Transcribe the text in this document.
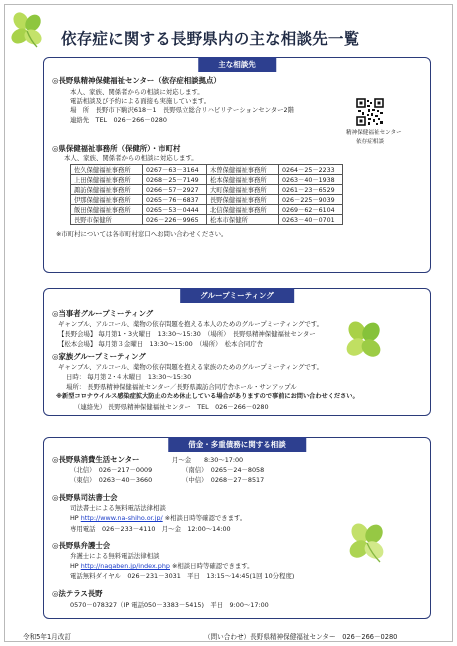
依存症に関する長野県内の主な相談先一覧
主な相談先
◎長野県精神保健福祉センター（依存症相談拠点）
本人、家族、関係者からの相談に対応します。
電話相談及び予約による面接も実施しています。
場　所　長野市下駒沢618－1　長野県立総合リハビリテーションセンター2階
連絡先　TEL　026－266－0280
精神保健福祉センター
依存症相談
◎県保健福祉事務所（保健所）・市町村
本人、家族、関係者からの相談に対応します。
佐久保健福祉事務所	0267－63－3164	木曽保健福祉事務所	0264－25－2233
上田保健福祉事務所	0268－25－7149	松本保健福祉事務所	0263－40－1938
諏訪保健福祉事務所	0266－57－2927	大町保健福祉事務所	0261－23－6529
伊那保健福祉事務所	0265－76－6837	長野保健福祉事務所	026－225－9039
飯田保健福祉事務所	0265－53－0444	北信保健福祉事務所	0269－62－6104
長野市保健所	026－226－9965	松本市保健所	0263－40－0701
※市町村については各市町村窓口へお問い合わせください。
グループミーティング
◎当事者グループミーティング
ギャンブル、アルコール、薬物の依存問題を抱える本人のためのグループミーティングです。
【長野会場】 毎月第1・3火曜日　13:30～15:30　（場所）　長野県精神保健福祉センター
【松本会場】 毎月第３金曜日　13:30～15:00　（場所）　松本合同庁舎
◎家族グループミーティング
ギャンブル、アルコール、薬物の依存問題を抱える家族のためのグループミーティングです。
日時： 毎月第２･４木曜日　13:30～15:30
場所： 長野県精神保健福祉センター／長野県諏訪合同庁舎ホール・サンアップル
※新型コロナウイルス感染症拡大防止のため休止している場合がありますので事前にお問い合わせください。
（連絡先） 長野県精神保健福祉センター　TEL　026－266－0280
借金・多重債務に関する相談
◎長野県消費生活センター	月～金　　8:30～17:00
（北信）　026－217－0009	（南信）　0265－24－8058
（東信）　0263－40－3660	（中信）　0268－27－8517
◎長野県司法書士会
司法書士による無料電話法律相談
HP http://www.na-shiho.or.jp/ ※相談日時等確認できます。
専用電話　026－233－4110　月～金　12:00～14:00
◎長野県弁護士会
弁護士による無料電話法律相談
HP http://nagaben.jp/index.php ※相談日時等確認できます。
電話無料ダイヤル　026－231－3031　平日　13:15～14:45(1回 10分程度)
◎法テラス長野
0570－078327（IP 電話050－3383－5415)　平日　9:00～17:00
令和5年1月改訂	（問い合わせ）長野県精神保健福祉センター　026－266－0280
